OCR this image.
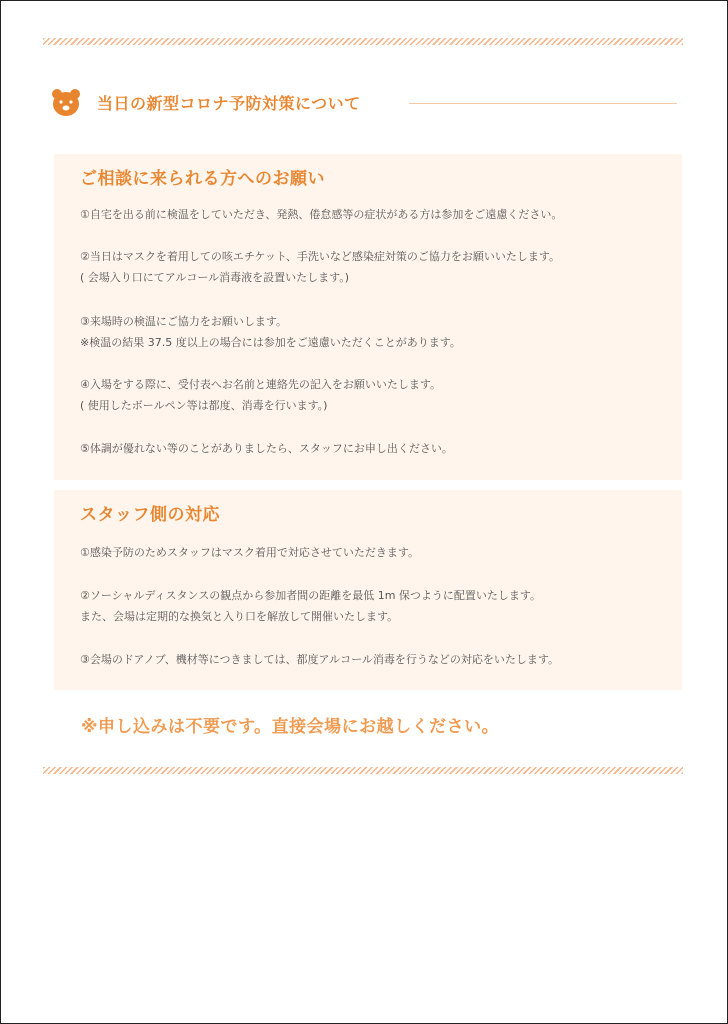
当日の新型コロナ予防対策について
ご相談に来られる方へのお願い
①自宅を出る前に検温をしていただき、発熱、倦怠感等の症状がある方は参加をご遠慮ください。
②当日はマスクを着用しての咳エチケット、手洗いなど感染症対策のご協力をお願いいたします。
( 会場入り口にてアルコール消毒液を設置いたします。)
③来場時の検温にご協力をお願いします。
※検温の結果 37.5 度以上の場合には参加をご遠慮いただくことがあります。
④入場をする際に、受付表へお名前と連絡先の記入をお願いいたします。
( 使用したボールペン等は都度、消毒を行います。)
⑤体調が優れない等のことがありましたら、スタッフにお申し出ください。
スタッフ側の対応
①感染予防のためスタッフはマスク着用で対応させていただきます。
②ソーシャルディスタンスの観点から参加者間の距離を最低 1m 保つように配置いたします。
また、会場は定期的な換気と入り口を解放して開催いたします。
③会場のドアノブ、機材等につきましては、都度アルコール消毒を行うなどの対応をいたします。
※申し込みは不要です。直接会場にお越しください。
